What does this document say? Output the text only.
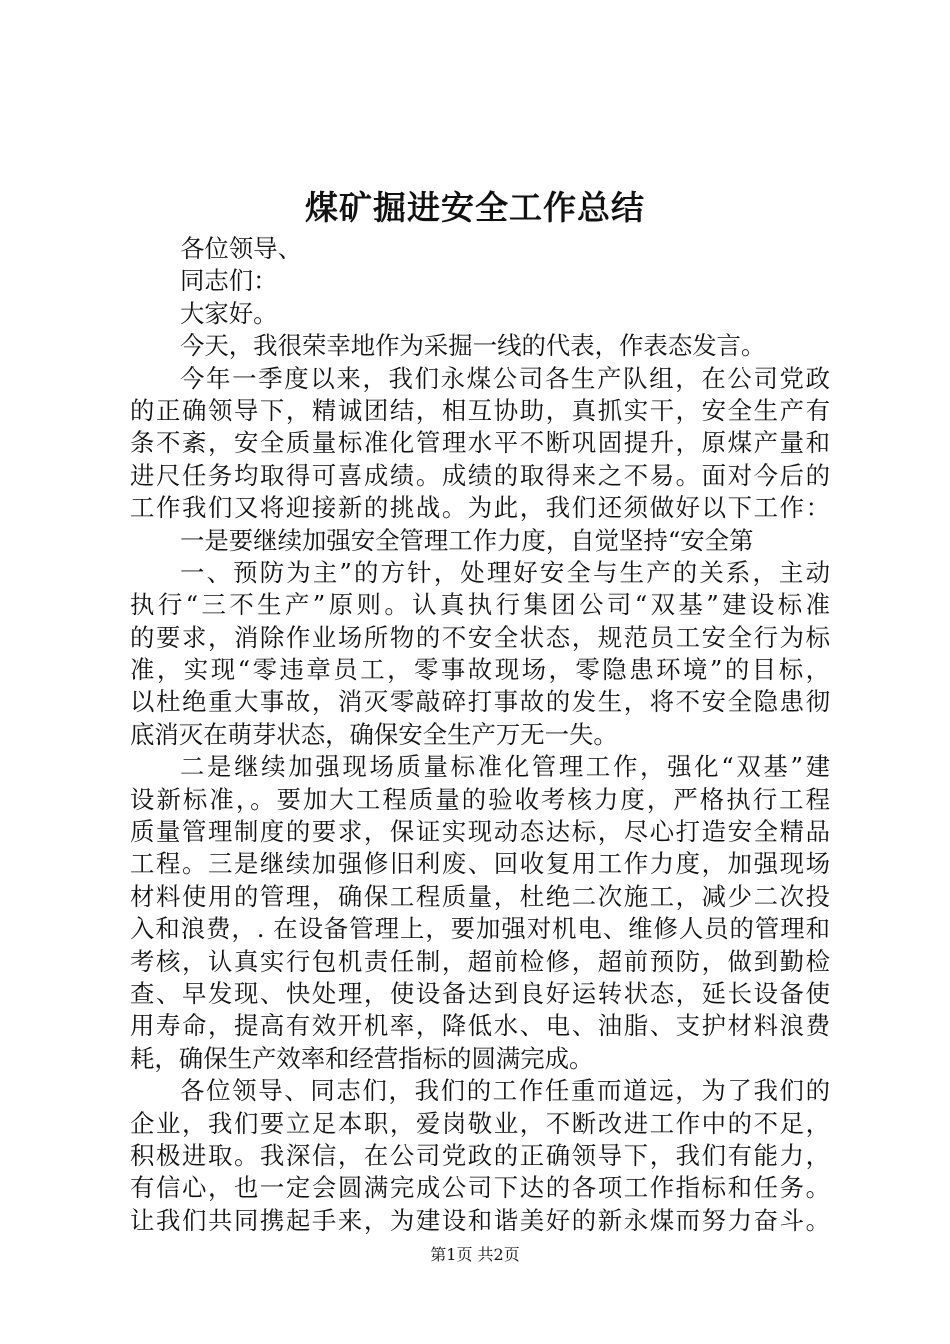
煤矿掘进安全工作总结
各位领导、
同志们：
大家好。
今天，我很荣幸地作为采掘一线的代表，作表态发言。
今年一季度以来，我们永煤公司各生产队组，在公司党政
的正确领导下，精诚团结，相互协助，真抓实干，安全生产有
条不紊，安全质量标准化管理水平不断巩固提升，原煤产量和
进尺任务均取得可喜成绩。成绩的取得来之不易。面对今后的
工作我们又将迎接新的挑战。为此，我们还须做好以下工作：
一是要继续加强安全管理工作力度，自觉坚持“安全第
一、预防为主”的方针，处理好安全与生产的关系，主动
执行“三不生产”原则。认真执行集团公司“双基”建设标准
的要求，消除作业场所物的不安全状态，规范员工安全行为标
准，实现“零违章员工，零事故现场，零隐患环境”的目标，
以杜绝重大事故，消灭零敲碎打事故的发生，将不安全隐患彻
底消灭在萌芽状态，确保安全生产万无一失。
二是继续加强现场质量标准化管理工作，强化“双基”建
设新标准，。要加大工程质量的验收考核力度，严格执行工程
质量管理制度的要求，保证实现动态达标，尽心打造安全精品
工程。三是继续加强修旧利废、回收复用工作力度，加强现场
材料使用的管理，确保工程质量，杜绝二次施工，减少二次投
入和浪费，. 在设备管理上，要加强对机电、维修人员的管理和
考核，认真实行包机责任制，超前检修，超前预防，做到勤检
查、早发现、快处理，使设备达到良好运转状态，延长设备使
用寿命，提高有效开机率，降低水、电、油脂、支护材料浪费
耗，确保生产效率和经营指标的圆满完成。
各位领导、同志们，我们的工作任重而道远，为了我们的
企业，我们要立足本职，爱岗敬业，不断改进工作中的不足，
积极进取。我深信，在公司党政的正确领导下，我们有能力，
有信心，也一定会圆满完成公司下达的各项工作指标和任务。
让我们共同携起手来，为建设和谐美好的新永煤而努力奋斗。
第1页 共2页
